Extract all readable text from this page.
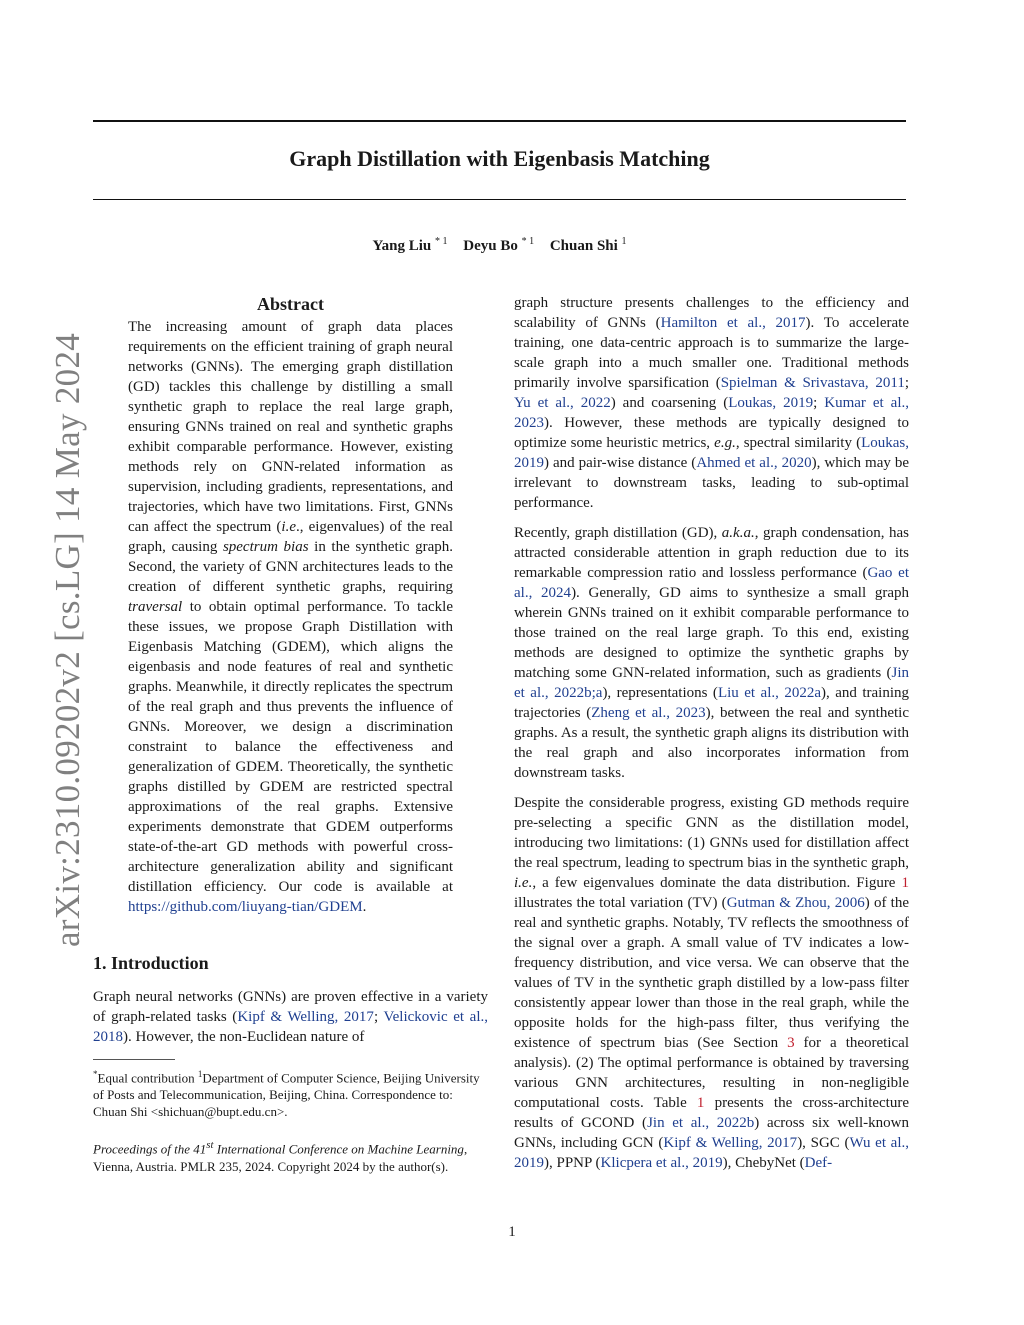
Graph Distillation with Eigenbasis Matching
Yang Liu $^{* 1}$ Deyu Bo $^{* 1}$ Chuan Shi $^1$
arXiv:2310.09202v2 [cs.LG] 14 May 2024
Abstract

The increasing amount of graph data places requirements on the efficient training of graph neural networks (GNNs). The emerging graph distillation (GD) tackles this challenge by distilling a small synthetic graph to replace the real large graph, ensuring GNNs trained on real and synthetic graphs exhibit comparable performance. However, existing methods rely on GNN-related information as supervision, including gradients, representations, and trajectories, which have two limitations. First, GNNs can affect the spectrum (i.e., eigenvalues) of the real graph, causing spectrum bias in the synthetic graph. Second, the variety of GNN architectures leads to the creation of different synthetic graphs, requiring traversal to obtain optimal performance. To tackle these issues, we propose Graph Distillation with Eigenbasis Matching (GDEM), which aligns the eigenbasis and node features of real and synthetic graphs. Meanwhile, it directly replicates the spectrum of the real graph and thus prevents the influence of GNNs. Moreover, we design a discrimination constraint to balance the effectiveness and generalization of GDEM. Theoretically, the synthetic graphs distilled by GDEM are restricted spectral approximations of the real graphs. Extensive experiments demonstrate that GDEM outperforms state-of-the-art GD methods with powerful cross-architecture generalization ability and significant distillation efficiency. Our code is available at https://github.com/liuyang-tian/GDEM.

1. Introduction

Graph neural networks (GNNs) are proven effective in a variety of graph-related tasks (Kipf & Welling, 2017; Velickovic et al., 2018). However, the non-Euclidean nature of

*Equal contribution $^1$Department of Computer Science, Beijing University of Posts and Telecommunication, Beijing, China. Correspondence to: Chuan Shi <shichuan@bupt.edu.cn>.
Proceedings of the 41st International Conference on Machine Learning, Vienna, Austria. PMLR 235, 2024. Copyright 2024 by the author(s).

graph structure presents challenges to the efficiency and scalability of GNNs (Hamilton et al., 2017). To accelerate training, one data-centric approach is to summarize the large-scale graph into a much smaller one. Traditional methods primarily involve sparsification (Spielman & Srivastava, 2011; Yu et al., 2022) and coarsening (Loukas, 2019; Kumar et al., 2023). However, these methods are typically designed to optimize some heuristic metrics, e.g., spectral similarity (Loukas, 2019) and pair-wise distance (Ahmed et al., 2020), which may be irrelevant to downstream tasks, leading to sub-optimal performance.

Recently, graph distillation (GD), a.k.a., graph condensation, has attracted considerable attention in graph reduction due to its remarkable compression ratio and lossless performance (Gao et al., 2024). Generally, GD aims to synthesize a small graph wherein GNNs trained on it exhibit comparable performance to those trained on the real large graph. To this end, existing methods are designed to optimize the synthetic graphs by matching some GNN-related information, such as gradients (Jin et al., 2022b;a), representations (Liu et al., 2022a), and training trajectories (Zheng et al., 2023), between the real and synthetic graphs. As a result, the synthetic graph aligns its distribution with the real graph and also incorporates information from downstream tasks.

Despite the considerable progress, existing GD methods require pre-selecting a specific GNN as the distillation model, introducing two limitations: (1) GNNs used for distillation affect the real spectrum, leading to spectrum bias in the synthetic graph, i.e., a few eigenvalues dominate the data distribution. Figure 1 illustrates the total variation (TV) (Gutman & Zhou, 2006) of the real and synthetic graphs. Notably, TV reflects the smoothness of the signal over a graph. A small value of TV indicates a low-frequency distribution, and vice versa. We can observe that the values of TV in the synthetic graph distilled by a low-pass filter consistently appear lower than those in the real graph, while the opposite holds for the high-pass filter, thus verifying the existence of spectrum bias (See Section 3 for a theoretical analysis). (2) The optimal performance is obtained by traversing various GNN architectures, resulting in non-negligible computational costs. Table 1 presents the cross-architecture results of GCOND (Jin et al., 2022b) across six well-known GNNs, including GCN (Kipf & Welling, 2017), SGC (Wu et al., 2019), PPNP (Klicpera et al., 2019), ChebyNet (Def-

1
